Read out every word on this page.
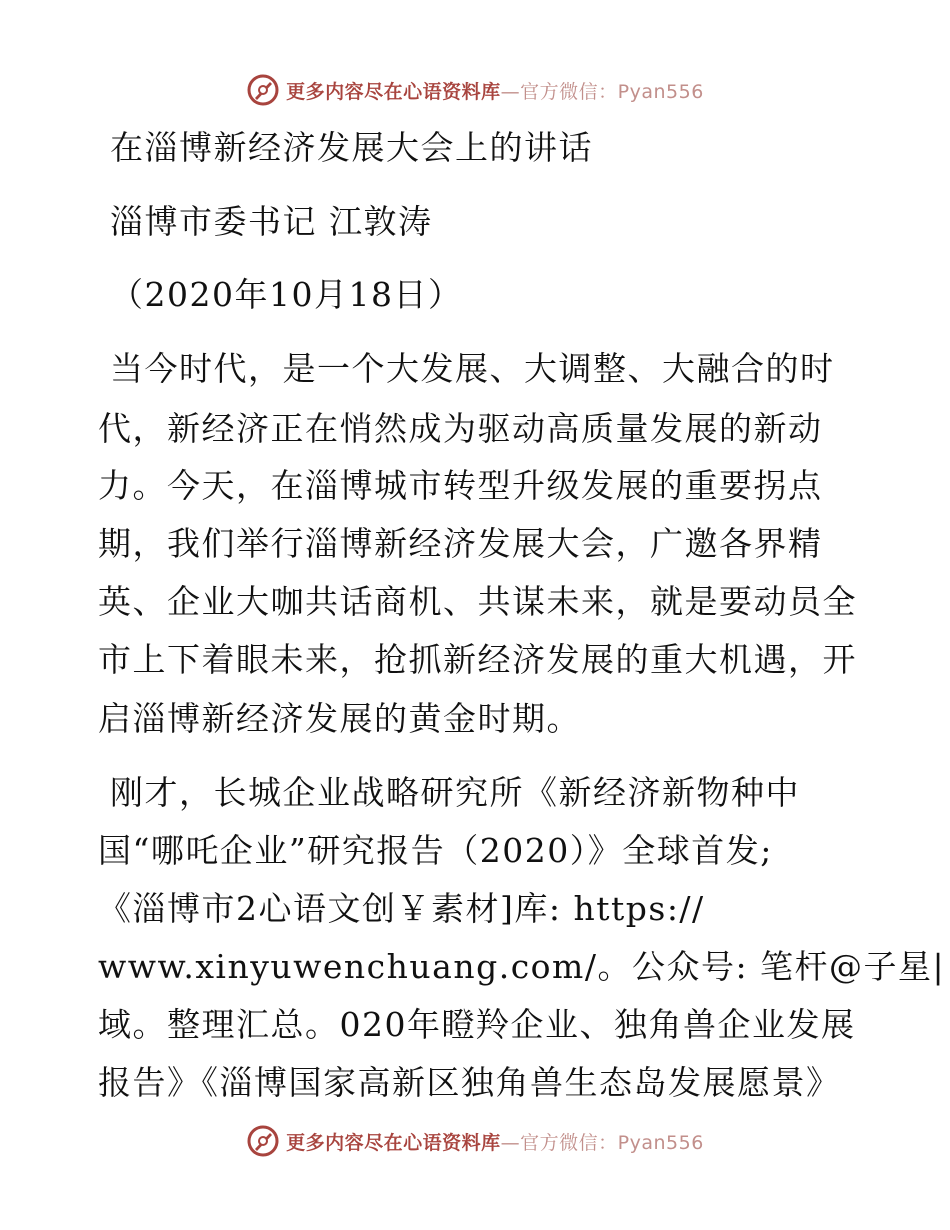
更多内容尽在心语资料库 —官方微信：Pyan556
在淄博新经济发展大会上的讲话
淄博市委书记 江敦涛
（2020年10月18日）
当今时代，是一个大发展、大调整、大融合的时
代，新经济正在悄然成为驱动高质量发展的新动
力。今天，在淄博城市转型升级发展的重要拐点
期，我们举行淄博新经济发展大会，广邀各界精
英、企业大咖共话商机、共谋未来，就是要动员全
市上下着眼未来，抢抓新经济发展的重大机遇，开
启淄博新经济发展的黄金时期。
刚才，长城企业战略研究所《新经济新物种中
国“哪吒企业”研究报告（2020）》全球首发;
《淄博市2心语文创￥素材]库: https://
www.xinyuwenchuang.com/。公众号: 笔杆@子星|
域。整理汇总。020年瞪羚企业、独角兽企业发展
报告》《淄博国家高新区独角兽生态岛发展愿景》
更多内容尽在心语资料库 —官方微信：Pyan556
